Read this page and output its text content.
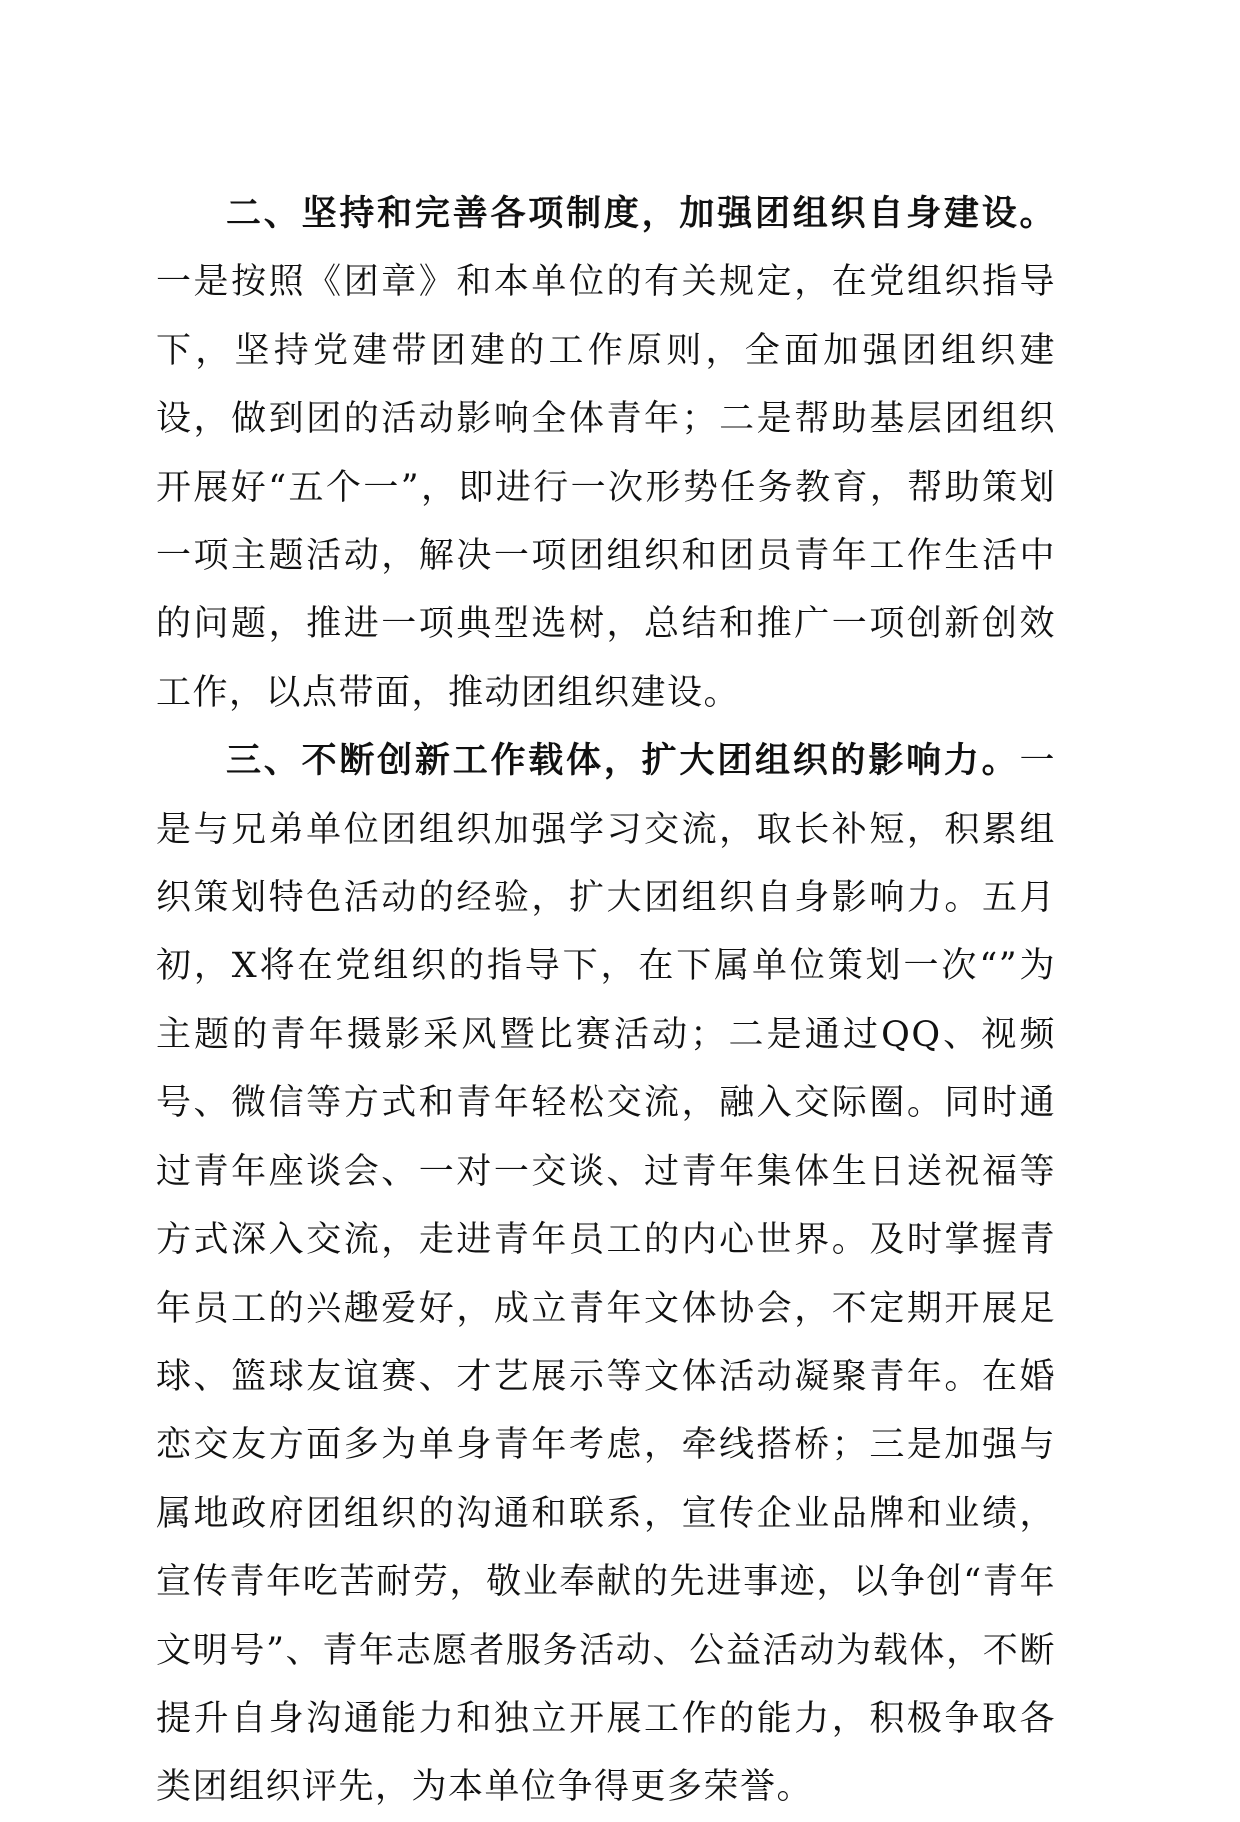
二、坚持和完善各项制度，加强团组织自身建设。一是按照《团章》和本单位的有关规定，在党组织指导下，坚持党建带团建的工作原则，全面加强团组织建设，做到团的活动影响全体青年；二是帮助基层团组织开展好“五个一”，即进行一次形势任务教育，帮助策划一项主题活动，解决一项团组织和团员青年工作生活中的问题，推进一项典型选树，总结和推广一项创新创效工作，以点带面，推动团组织建设。

三、不断创新工作载体，扩大团组织的影响力。一是与兄弟单位团组织加强学习交流，取长补短，积累组织策划特色活动的经验，扩大团组织自身影响力。五月初，X将在党组织的指导下，在下属单位策划一次“”为主题的青年摄影采风暨比赛活动；二是通过QQ、视频号、微信等方式和青年轻松交流，融入交际圈。同时通过青年座谈会、一对一交谈、过青年集体生日送祝福等方式深入交流，走进青年员工的内心世界。及时掌握青年员工的兴趣爱好，成立青年文体协会，不定期开展足球、篮球友谊赛、才艺展示等文体活动凝聚青年。在婚恋交友方面多为单身青年考虑，牵线搭桥；三是加强与属地政府团组织的沟通和联系，宣传企业品牌和业绩，宣传青年吃苦耐劳，敬业奉献的先进事迹，以争创“青年文明号”、青年志愿者服务活动、公益活动为载体，不断提升自身沟通能力和独立开展工作的能力，积极争取各类团组织评先，为本单位争得更多荣誉。
